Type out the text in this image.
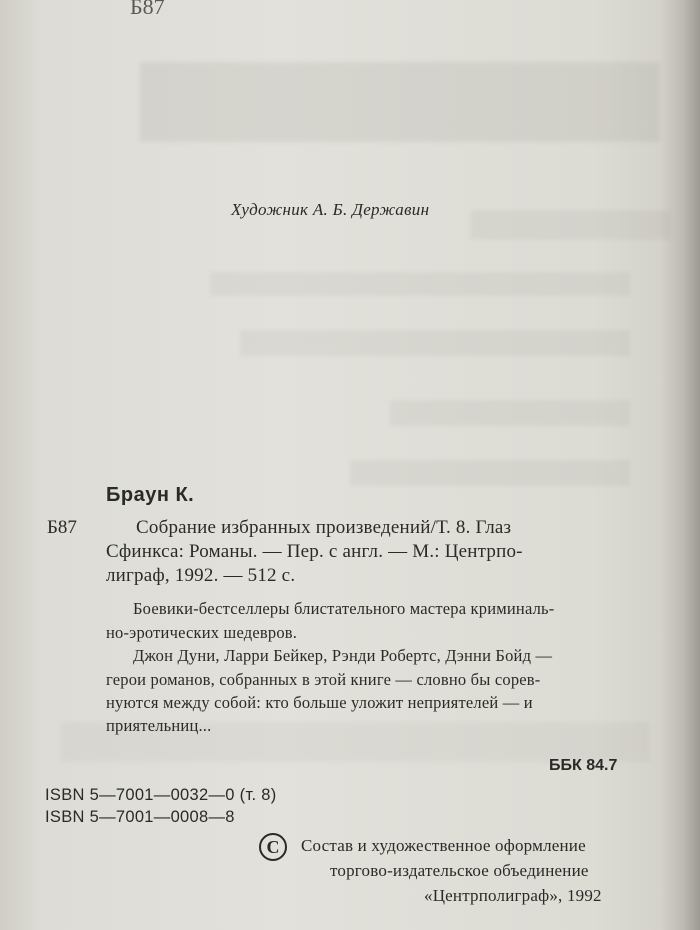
Б87
Художник А. Б. Державин
Браун К.
Б87	Собрание избранных произведений/Т. 8. Глаз
Сфинкса: Романы. — Пер. с англ. — М.: Центрпо-
лиграф, 1992. — 512 с.
Боевики-бестселлеры блистательного мастера криминаль-
но-эротических шедевров.
Джон Дуни, Ларри Бейкер, Рэнди Робертс, Дэнни Бойд —
герои романов, собранных в этой книге — словно бы сорев-
нуются между собой: кто больше уложит неприятелей — и
приятельниц...
ББК 84.7
ISBN 5—7001—0032—0 (т. 8)
ISBN 5—7001—0008—8
C	Состав и художественное оформление
торгово-издательское объединение
«Центрполиграф», 1992
